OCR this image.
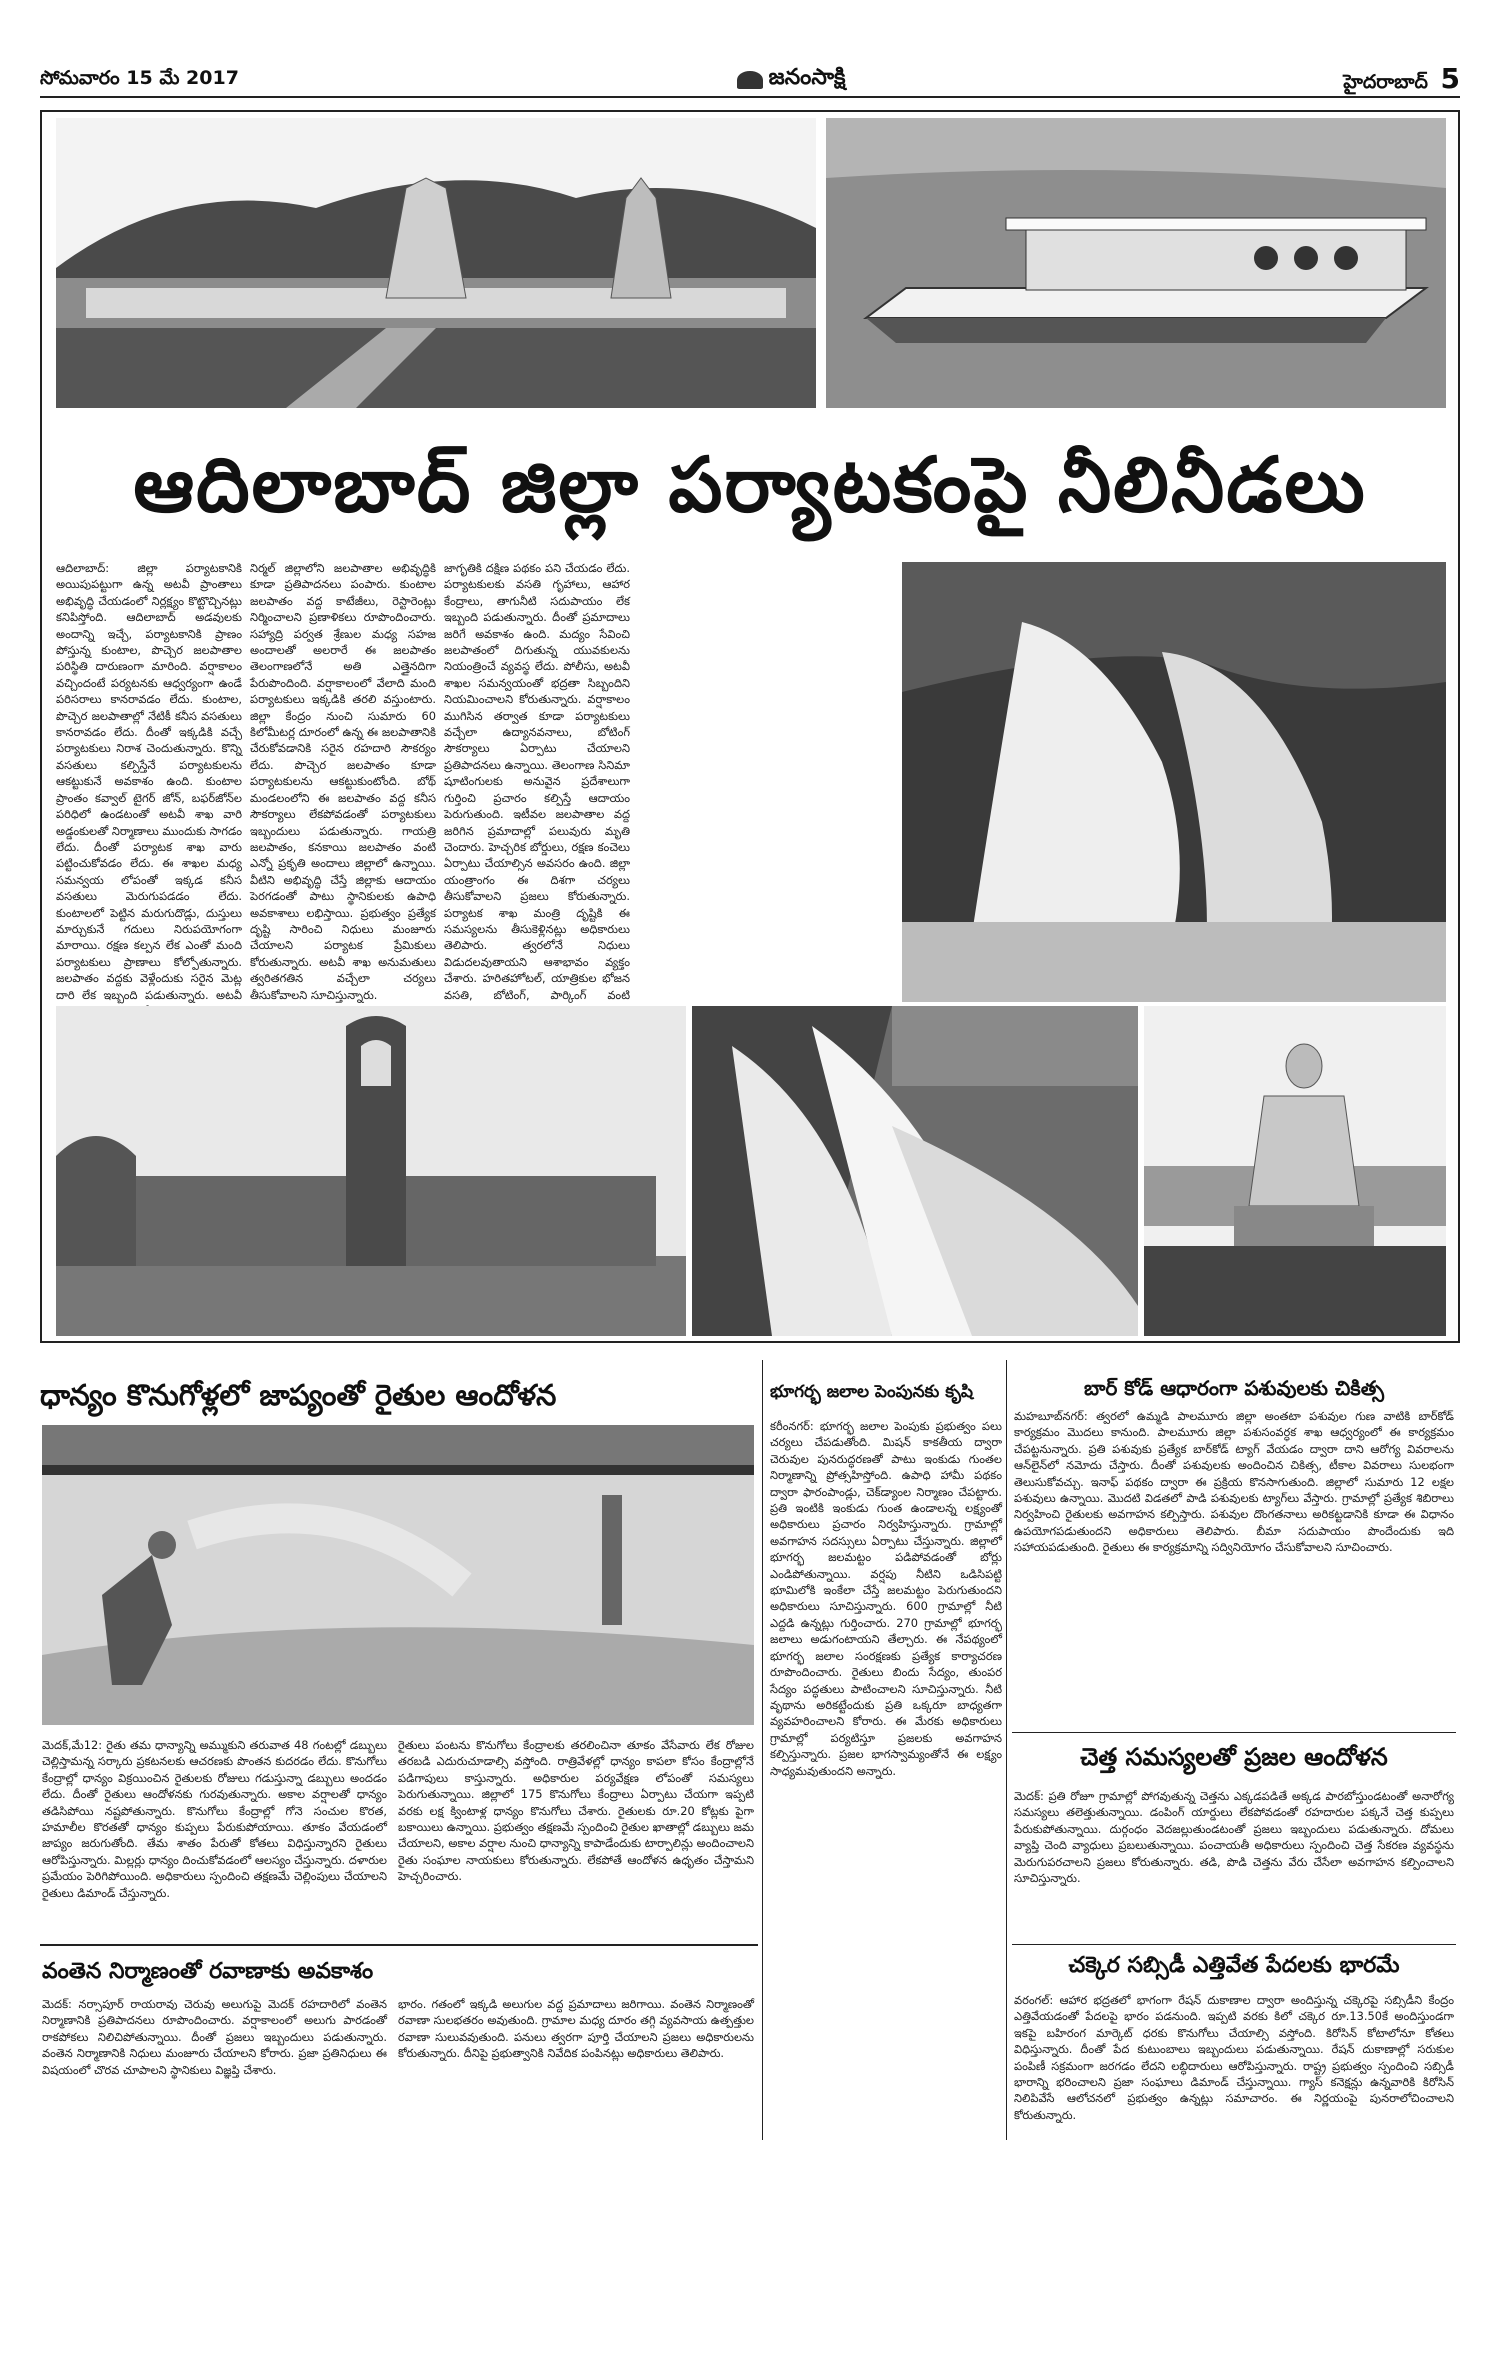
సోమవారం 15 మే 2017	జనంసాక్షి	హైదరాబాద్ 5
ఆదిలాబాద్ జిల్లా పర్యాటకంపై నీలినీడలు

ఆదిలాబాద్: జిల్లా పర్యాటకానికి అయిపుపట్టుగా ఉన్న అటవీ ప్రాంతాలు అభివృద్ధి చేయడంలో నిర్లక్ష్యం కొట్టొచ్చినట్లు కనిపిస్తోంది. ఆదిలాబాద్ అడవులకు అందాన్ని ఇచ్చే, పర్యాటకానికి ప్రాణం పోస్తున్న కుంటాల, పొచ్చెర జలపాతాల పరిస్థితి దారుణంగా మారింది. వర్షాకాలం వచ్చిందంటే పర్యటనకు ఆధ్వర్యంగా ఉండే పరిసరాలు కానరావడం లేదు. కుంటాల, పొచ్చెర జలపాతాల్లో నేటికీ కనీస వసతులు కానరావడం లేదు. దీంతో ఇక్కడికి వచ్చే పర్యాటకులు నిరాశ చెందుతున్నారు. కొన్ని వసతులు కల్పిస్తేనే పర్యాటకులను ఆకట్టుకునే అవకాశం ఉంది. కుంటాల ప్రాంతం కవ్వాల్ టైగర్ జోన్, బఫర్‌జోన్‌ల పరిధిలో ఉండటంతో అటవీ శాఖ వారి అడ్డంకులతో నిర్మాణాలు ముందుకు సాగడం లేదు. దీంతో పర్యాటక శాఖ వారు పట్టించుకోవడం లేదు. ఈ శాఖల మధ్య సమన్వయ లోపంతో ఇక్కడ కనీస వసతులు మెరుగుపడడం లేదు. కుంటాలలో పెట్టిన మరుగుదొడ్లు, దుస్తులు మార్చుకునే గదులు నిరుపయోగంగా మారాయి. రక్షణ కల్పన లేక ఎంతో మంది పర్యాటకులు ప్రాణాలు కోల్పోతున్నారు. జలపాతం వద్దకు వెళ్లేందుకు సరైన మెట్ల దారి లేక ఇబ్బంది పడుతున్నారు. అటవీ

నిర్మల్ జిల్లాలోని జలపాతాల అభివృద్ధికి కూడా ప్రతిపాదనలు పంపారు. కుంటాల జలపాతం వద్ద కాటేజీలు, రెస్టారెంట్లు నిర్మించాలని ప్రణాళికలు రూపొందించారు. సహ్యాద్రి పర్వత శ్రేణుల మధ్య సహజ అందాలతో అలరారే ఈ జలపాతం తెలంగాణలోనే అతి ఎత్తైనదిగా పేరుపొందింది. వర్షాకాలంలో వేలాది మంది పర్యాటకులు ఇక్కడికి తరలి వస్తుంటారు. జిల్లా కేంద్రం నుంచి సుమారు 60 కిలోమీటర్ల దూరంలో ఉన్న ఈ జలపాతానికి చేరుకోవడానికి సరైన రహదారి సౌకర్యం లేదు. పొచ్చెర జలపాతం కూడా పర్యాటకులను ఆకట్టుకుంటోంది. బోథ్ మండలంలోని ఈ జలపాతం వద్ద కనీస సౌకర్యాలు లేకపోవడంతో పర్యాటకులు ఇబ్బందులు పడుతున్నారు. గాయత్రి జలపాతం, కనకాయి జలపాతం వంటి ఎన్నో ప్రకృతి అందాలు జిల్లాలో ఉన్నాయి. వీటిని అభివృద్ధి చేస్తే జిల్లాకు ఆదాయం పెరగడంతో పాటు స్థానికులకు ఉపాధి అవకాశాలు లభిస్తాయి. ప్రభుత్వం ప్రత్యేక దృష్టి సారించి నిధులు మంజూరు చేయాలని పర్యాటక ప్రేమికులు కోరుతున్నారు. అటవీ శాఖ అనుమతులు త్వరితగతిన వచ్చేలా చర్యలు తీసుకోవాలని సూచిస్తున్నారు.

జాగృతికి దక్షిణ పథకం పని చేయడం లేదు. పర్యాటకులకు వసతి గృహాలు, ఆహార కేంద్రాలు, తాగునీటి సదుపాయం లేక ఇబ్బంది పడుతున్నారు. దీంతో ప్రమాదాలు జరిగే అవకాశం ఉంది. మద్యం సేవించి జలపాతంలో దిగుతున్న యువకులను నియంత్రించే వ్యవస్థ లేదు. పోలీసు, అటవీ శాఖల సమన్వయంతో భద్రతా సిబ్బందిని నియమించాలని కోరుతున్నారు. వర్షాకాలం ముగిసిన తర్వాత కూడా పర్యాటకులు వచ్చేలా ఉద్యానవనాలు, బోటింగ్ సౌకర్యాలు ఏర్పాటు చేయాలని ప్రతిపాదనలు ఉన్నాయి. తెలంగాణ సినిమా షూటింగులకు అనువైన ప్రదేశాలుగా గుర్తించి ప్రచారం కల్పిస్తే ఆదాయం పెరుగుతుంది. ఇటీవల జలపాతాల వద్ద జరిగిన ప్రమాదాల్లో పలువురు మృతి చెందారు. హెచ్చరిక బోర్డులు, రక్షణ కంచెలు ఏర్పాటు చేయాల్సిన అవసరం ఉంది. జిల్లా యంత్రాంగం ఈ దిశగా చర్యలు తీసుకోవాలని ప్రజలు కోరుతున్నారు. పర్యాటక శాఖ మంత్రి దృష్టికి ఈ సమస్యలను తీసుకెళ్లినట్లు అధికారులు తెలిపారు. త్వరలోనే నిధులు విడుదలవుతాయని ఆశాభావం వ్యక్తం చేశారు. హరితహోటల్, యాత్రికుల భోజన వసతి, బోటింగ్, పార్కింగ్ వంటి

ధాన్యం కొనుగోళ్లలో జాప్యంతో రైతుల ఆందోళన

మెదక్,మే12: రైతు తమ ధాన్యాన్ని అమ్ముకుని తరువాత 48 గంటల్లో డబ్బులు చెల్లిస్తామన్న సర్కారు ప్రకటనలకు ఆచరణకు పొంతన కుదరడం లేదు. కొనుగోలు కేంద్రాల్లో ధాన్యం విక్రయించిన రైతులకు రోజులు గడుస్తున్నా డబ్బులు అందడం లేదు. దీంతో రైతులు ఆందోళనకు గురవుతున్నారు. అకాల వర్షాలతో ధాన్యం తడిసిపోయి నష్టపోతున్నారు. కొనుగోలు కేంద్రాల్లో గోనె సంచుల కొరత, హమాలీల కొరతతో ధాన్యం కుప్పలు పేరుకుపోయాయి. తూకం వేయడంలో జాప్యం జరుగుతోంది. తేమ శాతం పేరుతో కోతలు విధిస్తున్నారని రైతులు ఆరోపిస్తున్నారు. మిల్లర్లు ధాన్యం దించుకోవడంలో ఆలస్యం చేస్తున్నారు. దళారుల ప్రమేయం పెరిగిపోయింది. అధికారులు స్పందించి తక్షణమే చెల్లింపులు చేయాలని రైతులు డిమాండ్ చేస్తున్నారు.

రైతులు పంటను కొనుగోలు కేంద్రాలకు తరలించినా తూకం వేసేవారు లేక రోజుల తరబడి ఎదురుచూడాల్సి వస్తోంది. రాత్రివేళల్లో ధాన్యం కాపలా కోసం కేంద్రాల్లోనే పడిగాపులు కాస్తున్నారు. అధికారుల పర్యవేక్షణ లోపంతో సమస్యలు పెరుగుతున్నాయి. జిల్లాలో 175 కొనుగోలు కేంద్రాలు ఏర్పాటు చేయగా ఇప్పటి వరకు లక్ష క్వింటాళ్ల ధాన్యం కొనుగోలు చేశారు. రైతులకు రూ.20 కోట్లకు పైగా బకాయిలు ఉన్నాయి. ప్రభుత్వం తక్షణమే స్పందించి రైతుల ఖాతాల్లో డబ్బులు జమ చేయాలని, అకాల వర్షాల నుంచి ధాన్యాన్ని కాపాడేందుకు టార్పాలిన్లు అందించాలని రైతు సంఘాల నాయకులు కోరుతున్నారు. లేకపోతే ఆందోళన ఉధృతం చేస్తామని హెచ్చరించారు.

వంతెన నిర్మాణంతో రవాణాకు అవకాశం

మెదక్: నర్సాపూర్ రాయరావు చెరువు అలుగుపై మెదక్ రహదారిలో వంతెన నిర్మాణానికి ప్రతిపాదనలు రూపొందించారు. వర్షాకాలంలో అలుగు పారడంతో రాకపోకలు నిలిచిపోతున్నాయి. దీంతో ప్రజలు ఇబ్బందులు పడుతున్నారు. వంతెన నిర్మాణానికి నిధులు మంజూరు చేయాలని కోరారు. ప్రజా ప్రతినిధులు ఈ విషయంలో చొరవ చూపాలని స్థానికులు విజ్ఞప్తి చేశారు.

భారం. గతంలో ఇక్కడి అలుగుల వద్ద ప్రమాదాలు జరిగాయి. వంతెన నిర్మాణంతో రవాణా సులభతరం అవుతుంది. గ్రామాల మధ్య దూరం తగ్గి వ్యవసాయ ఉత్పత్తుల రవాణా సులువవుతుంది. పనులు త్వరగా పూర్తి చేయాలని ప్రజలు అధికారులను కోరుతున్నారు. దీనిపై ప్రభుత్వానికి నివేదిక పంపినట్లు అధికారులు తెలిపారు.

భూగర్భ జలాల పెంపునకు కృషి

కరీంనగర్: భూగర్భ జలాల పెంపుకు ప్రభుత్వం పలు చర్యలు చేపడుతోంది. మిషన్ కాకతీయ ద్వారా చెరువుల పునరుద్ధరణతో పాటు ఇంకుడు గుంతల నిర్మాణాన్ని ప్రోత్సహిస్తోంది. ఉపాధి హామీ పథకం ద్వారా ఫారంపాండ్లు, చెక్‌డ్యాంల నిర్మాణం చేపట్టారు. ప్రతి ఇంటికి ఇంకుడు గుంత ఉండాలన్న లక్ష్యంతో అధికారులు ప్రచారం నిర్వహిస్తున్నారు. గ్రామాల్లో అవగాహన సదస్సులు ఏర్పాటు చేస్తున్నారు. జిల్లాలో భూగర్భ జలమట్టం పడిపోవడంతో బోర్లు ఎండిపోతున్నాయి. వర్షపు నీటిని ఒడిసిపట్టి భూమిలోకి ఇంకేలా చేస్తే జలమట్టం పెరుగుతుందని అధికారులు సూచిస్తున్నారు. 600 గ్రామాల్లో నీటి ఎద్దడి ఉన్నట్లు గుర్తించారు. 270 గ్రామాల్లో భూగర్భ జలాలు అడుగంటాయని తేల్చారు. ఈ నేపథ్యంలో భూగర్భ జలాల సంరక్షణకు ప్రత్యేక కార్యాచరణ రూపొందించారు. రైతులు బిందు సేద్యం, తుంపర సేద్యం పద్ధతులు పాటించాలని సూచిస్తున్నారు. నీటి వృథాను అరికట్టేందుకు ప్రతి ఒక్కరూ బాధ్యతగా వ్యవహరించాలని కోరారు. ఈ మేరకు అధికారులు గ్రామాల్లో పర్యటిస్తూ ప్రజలకు అవగాహన కల్పిస్తున్నారు. ప్రజల భాగస్వామ్యంతోనే ఈ లక్ష్యం సాధ్యమవుతుందని అన్నారు.

బార్ కోడ్ ఆధారంగా పశువులకు చికిత్స

మహబూబ్‌నగర్: త్వరలో ఉమ్మడి పాలమూరు జిల్లా అంతటా పశువుల గుణ వాటికి బార్‌కోడ్ కార్యక్రమం మొదలు కానుంది. పాలమూరు జిల్లా పశుసంవర్ధక శాఖ ఆధ్వర్యంలో ఈ కార్యక్రమం చేపట్టనున్నారు. ప్రతి పశువుకు ప్రత్యేక బార్‌కోడ్ ట్యాగ్ వేయడం ద్వారా దాని ఆరోగ్య వివరాలను ఆన్‌లైన్‌లో నమోదు చేస్తారు. దీంతో పశువులకు అందించిన చికిత్స, టీకాల వివరాలు సులభంగా తెలుసుకోవచ్చు. ఇనాఫ్ పథకం ద్వారా ఈ ప్రక్రియ కొనసాగుతుంది. జిల్లాలో సుమారు 12 లక్షల పశువులు ఉన్నాయి. మొదటి విడతలో పాడి పశువులకు ట్యాగ్‌లు వేస్తారు. గ్రామాల్లో ప్రత్యేక శిబిరాలు నిర్వహించి రైతులకు అవగాహన కల్పిస్తారు. పశువుల దొంగతనాలు అరికట్టడానికి కూడా ఈ విధానం ఉపయోగపడుతుందని అధికారులు తెలిపారు. బీమా సదుపాయం పొందేందుకు ఇది సహాయపడుతుంది. రైతులు ఈ కార్యక్రమాన్ని సద్వినియోగం చేసుకోవాలని సూచించారు.

చెత్త సమస్యలతో ప్రజల ఆందోళన

మెదక్: ప్రతి రోజూ గ్రామాల్లో పోగవుతున్న చెత్తను ఎక్కడపడితే అక్కడ పారబోస్తుండటంతో అనారోగ్య సమస్యలు తలెత్తుతున్నాయి. డంపింగ్ యార్డులు లేకపోవడంతో రహదారుల పక్కనే చెత్త కుప్పలు పేరుకుపోతున్నాయి. దుర్గంధం వెదజల్లుతుండటంతో ప్రజలు ఇబ్బందులు పడుతున్నారు. దోమలు వ్యాప్తి చెంది వ్యాధులు ప్రబలుతున్నాయి. పంచాయతీ అధికారులు స్పందించి చెత్త సేకరణ వ్యవస్థను మెరుగుపరచాలని ప్రజలు కోరుతున్నారు. తడి, పొడి చెత్తను వేరు చేసేలా అవగాహన కల్పించాలని సూచిస్తున్నారు.

చక్కెర సబ్సిడీ ఎత్తివేత పేదలకు భారమే

వరంగల్: ఆహార భద్రతలో భాగంగా రేషన్ దుకాణాల ద్వారా అందిస్తున్న చక్కెరపై సబ్సిడీని కేంద్రం ఎత్తివేయడంతో పేదలపై భారం పడనుంది. ఇప్పటి వరకు కిలో చక్కెర రూ.13.50కే అందిస్తుండగా ఇకపై బహిరంగ మార్కెట్ ధరకు కొనుగోలు చేయాల్సి వస్తోంది. కిరోసిన్ కోటాలోనూ కోతలు విధిస్తున్నారు. దీంతో పేద కుటుంబాలు ఇబ్బందులు పడుతున్నాయి. రేషన్ దుకాణాల్లో సరుకుల పంపిణీ సక్రమంగా జరగడం లేదని లబ్ధిదారులు ఆరోపిస్తున్నారు. రాష్ట్ర ప్రభుత్వం స్పందించి సబ్సిడీ భారాన్ని భరించాలని ప్రజా సంఘాలు డిమాండ్ చేస్తున్నాయి. గ్యాస్ కనెక్షన్లు ఉన్నవారికి కిరోసిన్ నిలిపివేసే ఆలోచనలో ప్రభుత్వం ఉన్నట్లు సమాచారం. ఈ నిర్ణయంపై పునరాలోచించాలని కోరుతున్నారు.
